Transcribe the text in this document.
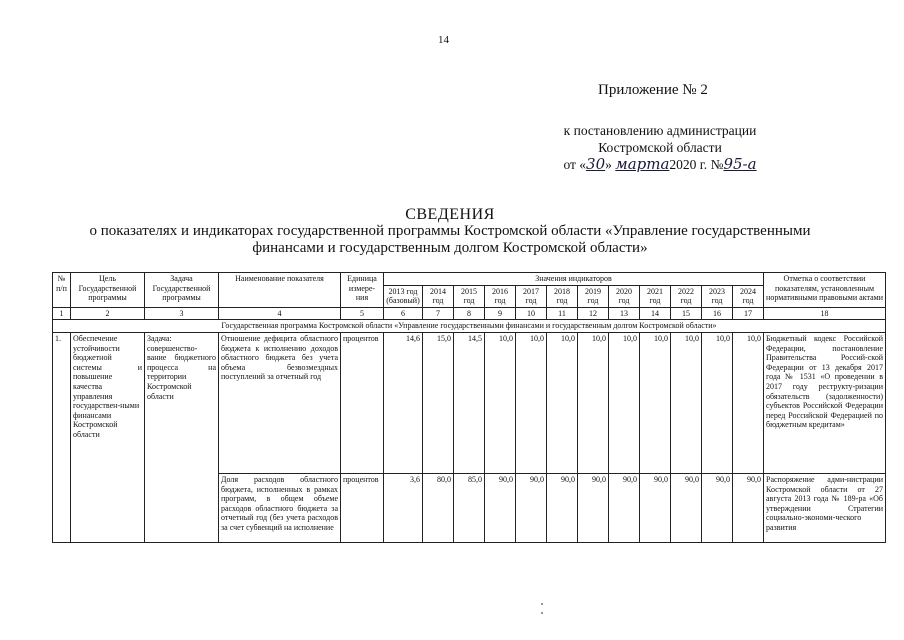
14
Приложение № 2
к постановлению администрации
Костромской области
от «30» марта2020 г. №95-а
СВЕДЕНИЯ
о показателях и индикаторах государственной программы Костромской области «Управление государственными
финансами и государственным долгом Костромской области»
№ п/п	Цель Государственной программы	Задача Государственной программы	Наименование показателя	Единица измере-ния	Значения индикаторов												Отметка о соответствии показателям, установленным нормативными правовыми актами
					2013 год (базовый)	2014 год	2015 год	2016 год	2017 год	2018 год	2019 год	2020 год	2021 год	2022 год	2023 год	2024 год	
1	2	3	4	5	6	7	8	9	10	11	12	13	14	15	16	17	18
Государственная программа Костромской области «Управление государственными финансами и государственным долгом Костромской области»																	
1.	Обеспечение устойчивости бюджетной системы и повышение качества управления государствен-ными финансами Костромской области	Задача: совершенство-вание бюджетного процесса на территории Костромской области	Отношение дефицита областного бюджета к исполнению доходов областного бюджета без учета объема безвозмездных поступлений за отчетный год	процентов	14,6	15,0	14,5	10,0	10,0	10,0	10,0	10,0	10,0	10,0	10,0	10,0	Бюджетный кодекс Российской Федерации, постановление Правительства Россий-ской Федерации от 13 декабря 2017 года № 1531 «О проведении в 2017 году реструкту-ризации обязательств (задолженности) субъектов Российской Федерации перед Российской Федерацией по бюджетным кредитам»
			Доля расходов областного бюджета, исполненных в рамках программ, в общем объеме расходов областного бюджета за отчетный год (без учета расходов за счет субвенций на исполнение	процентов	3,6	80,0	85,0	90,0	90,0	90,0	90,0	90,0	90,0	90,0	90,0	90,0	Распоряжение адми-нистрации Костромской области от 27 августа 2013 года № 189-ра «Об утверждении Стратегии социально-экономи-ческого развития
